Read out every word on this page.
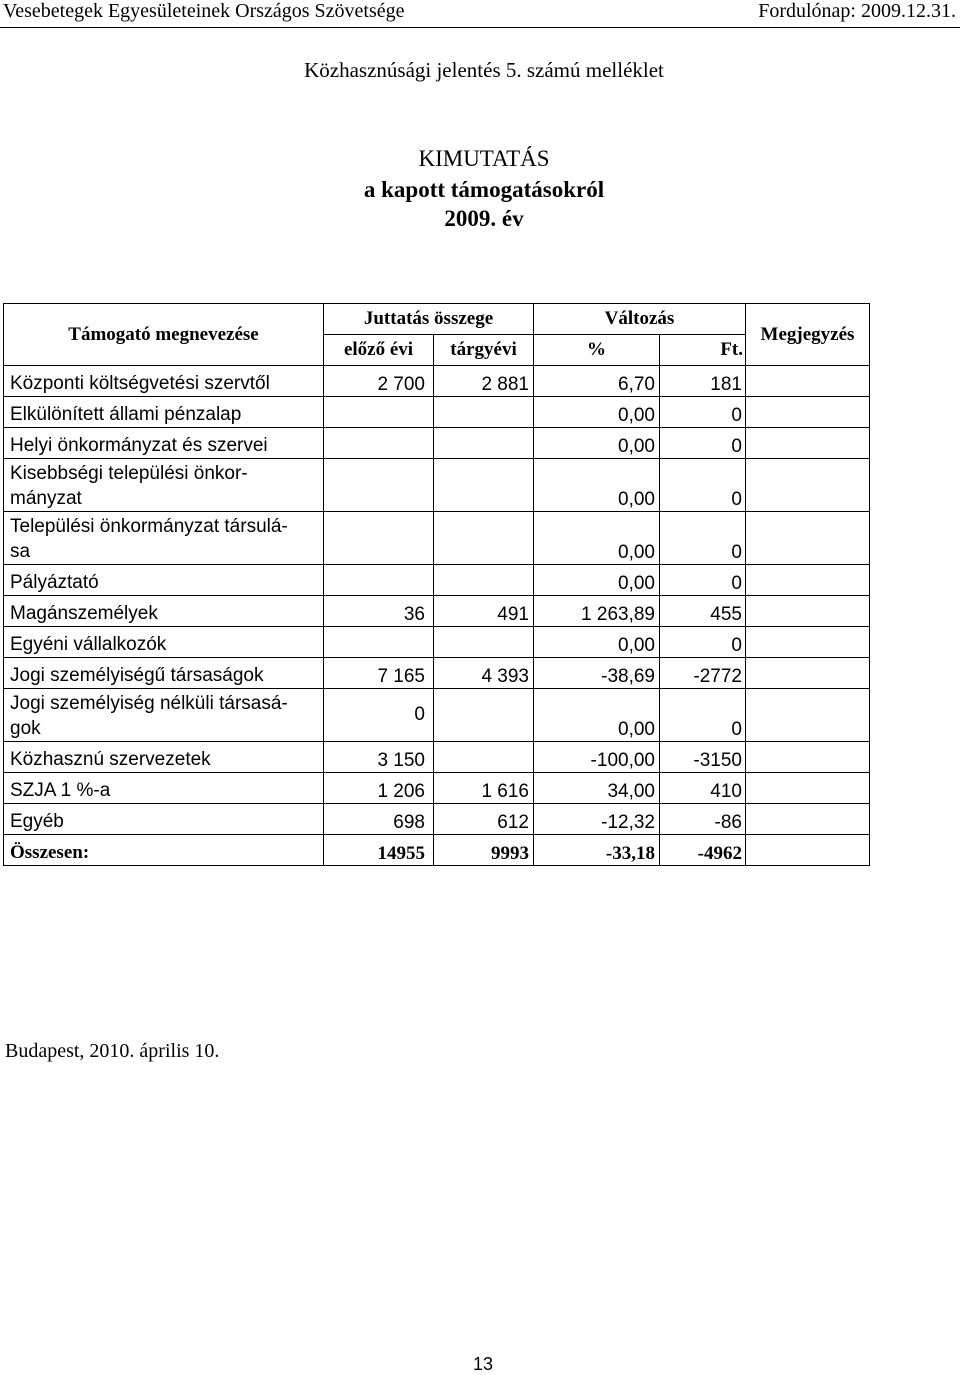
Vesebetegek Egyesületeinek Országos Szövetsége	Fordulónap: 2009.12.31.
Közhasznúsági jelentés 5. számú melléklet
KIMUTATÁS
a kapott támogatásokról
2009. év
Támogató megnevezése	Juttatás összege		Változás		Megjegyzés
	előző évi	tárgyévi	%	Ft.	
Központi költségvetési szervtől	2 700	2 881	6,70	181	
Elkülönített állami pénzalap			0,00	0	
Helyi önkormányzat és szervei			0,00	0	
Kisebbségi települési önkor-
mányzat			0,00	0	
Települési önkormányzat társulá-
sa			0,00	0	
Pályáztató			0,00	0	
Magánszemélyek	36	491	1 263,89	455	
Egyéni vállalkozók			0,00	0	
Jogi személyiségű társaságok	7 165	4 393	-38,69	-2772	
Jogi személyiség nélküli társasá-
gok	0		0,00	0	
Közhasznú szervezetek	3 150		-100,00	-3150	
SZJA 1 %-a	1 206	1 616	34,00	410	
Egyéb	698	612	-12,32	-86	
Összesen:	14955	9993	-33,18	-4962	
Budapest, 2010. április 10.
13
